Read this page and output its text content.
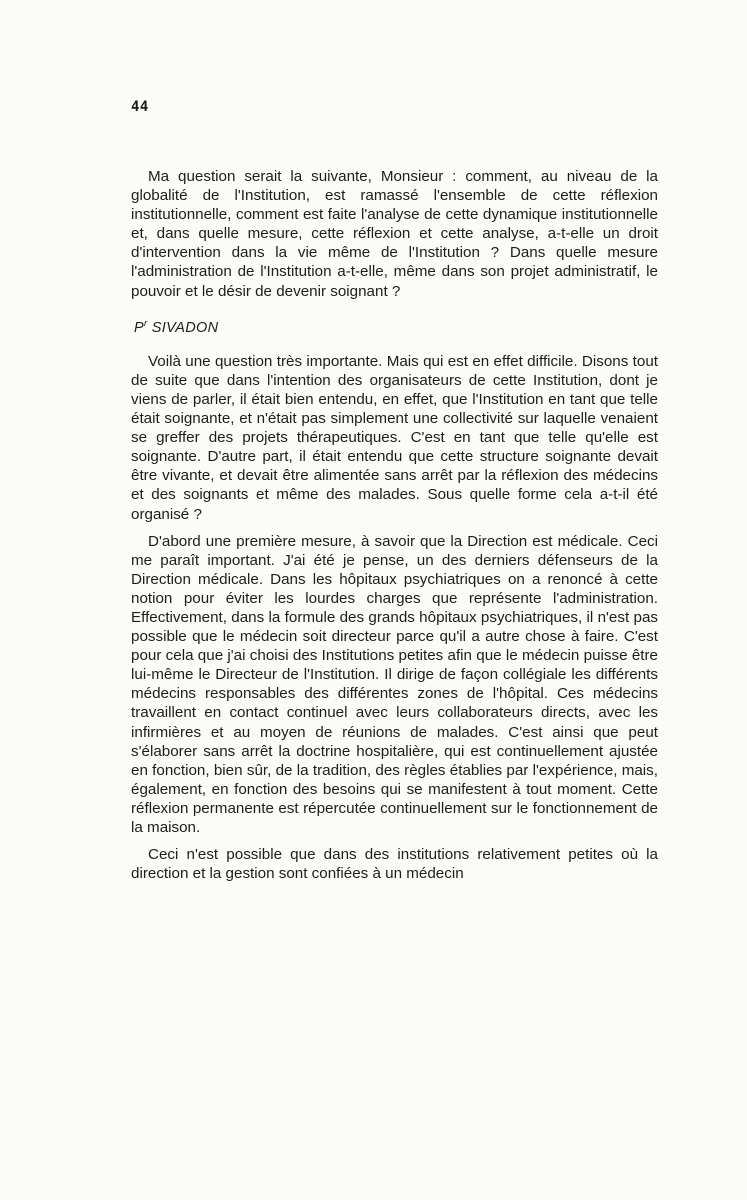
44

Ma question serait la suivante, Monsieur : comment, au niveau de la globalité de l'Institution, est ramassé l'ensemble de cette réflexion institutionnelle, comment est faite l'analyse de cette dynamique institutionnelle et, dans quelle mesure, cette réflexion et cette analyse, a-t-elle un droit d'intervention dans la vie même de l'Institution ? Dans quelle mesure l'administration de l'Institution a-t-elle, même dans son projet administratif, le pouvoir et le désir de devenir soignant ?

$P^r$ SIVADON

Voilà une question très importante. Mais qui est en effet difficile. Disons tout de suite que dans l'intention des organisateurs de cette Institution, dont je viens de parler, il était bien entendu, en effet, que l'Institution en tant que telle était soignante, et n'était pas simplement une collectivité sur laquelle venaient se greffer des projets thérapeutiques. C'est en tant que telle qu'elle est soignante. D'autre part, il était entendu que cette structure soignante devait être vivante, et devait être alimentée sans arrêt par la réflexion des médecins et des soignants et même des malades. Sous quelle forme cela a-t-il été organisé ?

D'abord une première mesure, à savoir que la Direction est médicale. Ceci me paraît important. J'ai été je pense, un des derniers défenseurs de la Direction médicale. Dans les hôpitaux psychiatriques on a renoncé à cette notion pour éviter les lourdes charges que représente l'administration. Effectivement, dans la formule des grands hôpitaux psychiatriques, il n'est pas possible que le médecin soit directeur parce qu'il a autre chose à faire. C'est pour cela que j'ai choisi des Institutions petites afin que le médecin puisse être lui-même le Directeur de l'Institution. Il dirige de façon collégiale les différents médecins responsables des différentes zones de l'hôpital. Ces médecins travaillent en contact continuel avec leurs collaborateurs directs, avec les infirmières et au moyen de réunions de malades. C'est ainsi que peut s'élaborer sans arrêt la doctrine hospitalière, qui est continuellement ajustée en fonction, bien sûr, de la tradition, des règles établies par l'expérience, mais, également, en fonction des besoins qui se manifestent à tout moment. Cette réflexion permanente est répercutée continuellement sur le fonctionnement de la maison.

Ceci n'est possible que dans des institutions relativement petites où la direction et la gestion sont confiées à un médecin
